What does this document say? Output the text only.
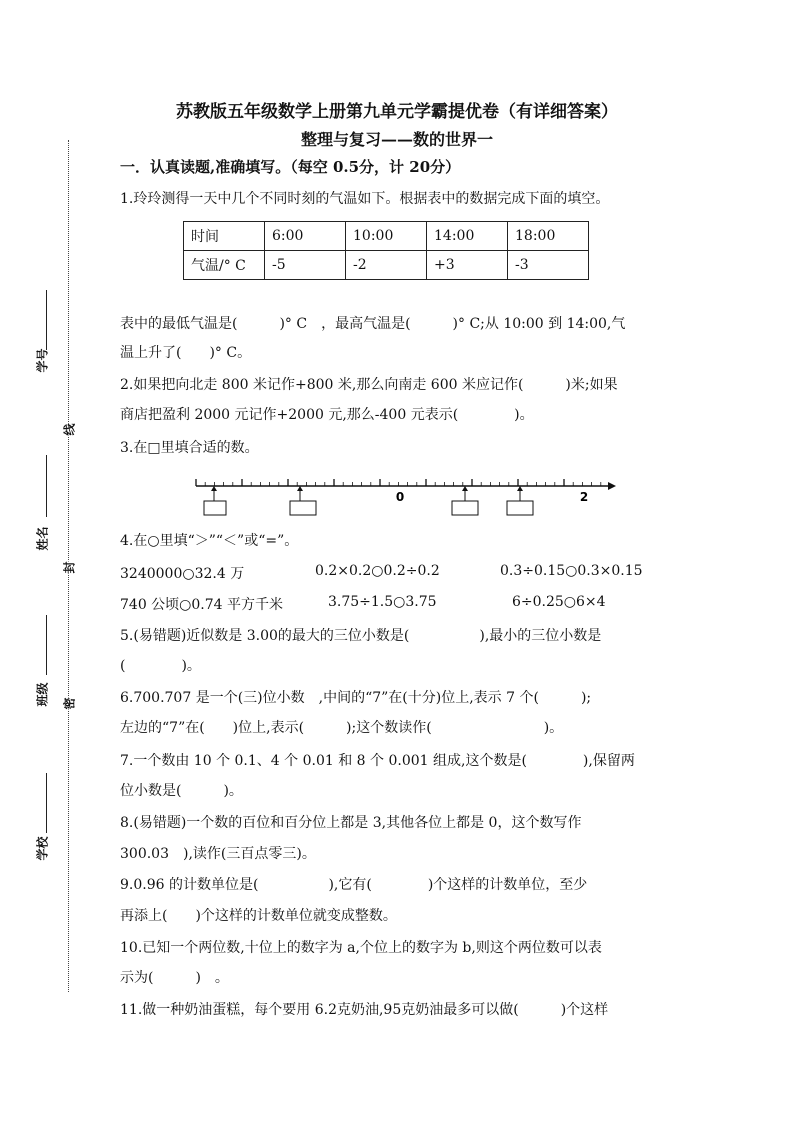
学号
姓名
班级
学校
线
封
密
苏教版五年级数学上册第九单元学霸提优卷（有详细答案）
整理与复习——数的世界一
一．认真读题,准确填写。（每空 0.5分，计 20分）
1.玲玲测得一天中几个不同时刻的气温如下。根据表中的数据完成下面的填空。
时间	6:00	10:00	14:00	18:00
气温/° C	-5	-2	+3	-3
表中的最低气温是(　　　)° C　，最高气温是(　　　)° C;从 10:00 到 14:00,气
温上升了(　　)° C。
2.如果把向北走 800 米记作+800 米,那么向南走 600 米应记作(　　　)米;如果
商店把盈利 2000 元记作+2000 元,那么-400 元表示(　　　　)。
3.在□里填合适的数。
0	2
4.在○里填“＞”“＜”或“=”。
3240000○32.4 万	0.2×0.2○0.2÷0.2	0.3÷0.15○0.3×0.15
740 公顷○0.74 平方千米	3.75÷1.5○3.75	6÷0.25○6×4
5.(易错题)近似数是 3.00的最大的三位小数是(　　　　　),最小的三位小数是
(　　　　)。
6.700.707 是一个(三)位小数　,中间的“7”在(十分)位上,表示 7 个(　　　);
左边的“7”在(　　)位上,表示(　　　);这个数读作(　　　　　　　　)。
7.一个数由 10 个 0.1、4 个 0.01 和 8 个 0.001 组成,这个数是(　　　　),保留两
位小数是(　　　)。
8.(易错题)一个数的百位和百分位上都是 3,其他各位上都是 0，这个数写作
300.03　),读作(三百点零三)。
9.0.96 的计数单位是(　　　　　),它有(　　　　)个这样的计数单位，至少
再添上(　　)个这样的计数单位就变成整数。
10.已知一个两位数,十位上的数字为 a,个位上的数字为 b,则这个两位数可以表
示为(　　　)　。
11.做一种奶油蛋糕，每个要用 6.2克奶油,95克奶油最多可以做(　　　)个这样
